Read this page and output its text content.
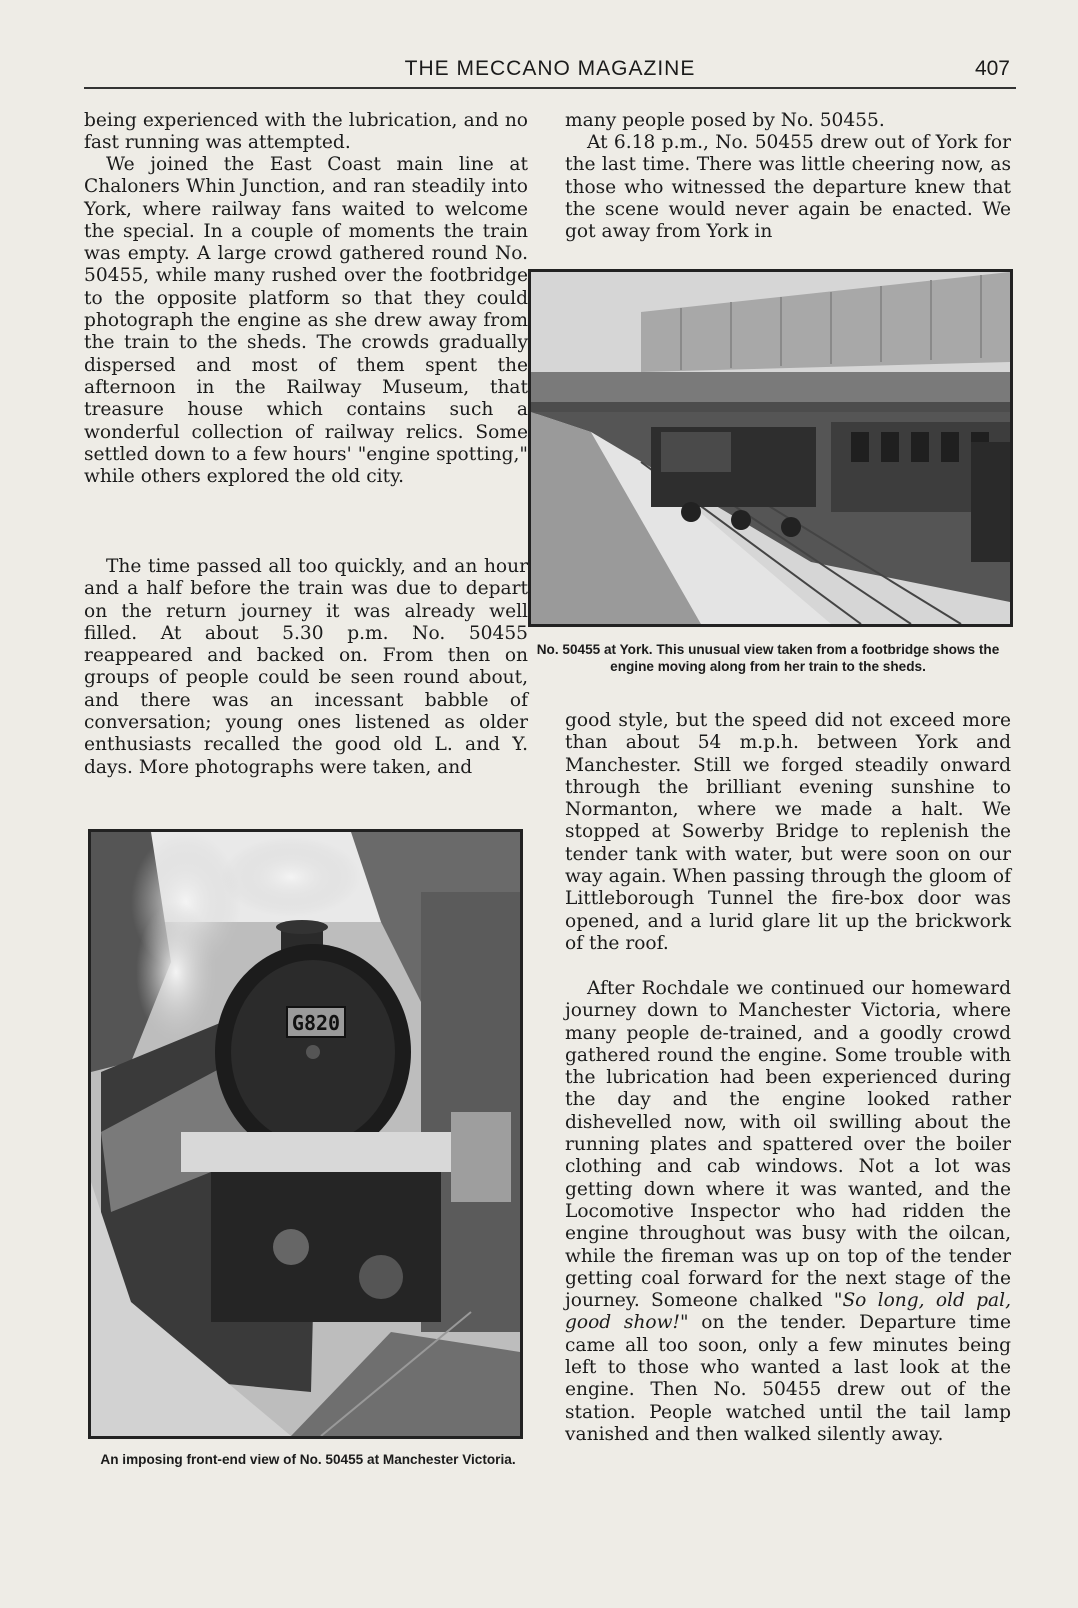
THE MECCANO MAGAZINE	407

being experienced with the lubrication, and no fast running was attempted.

We joined the East Coast main line at Chaloners Whin Junction, and ran steadily into York, where railway fans waited to welcome the special. In a couple of moments the train was empty. A large crowd gathered round No. 50455, while many rushed over the footbridge to the opposite platform so that they could photograph the engine as she drew away from the train to the sheds. The crowds gradually dispersed and most of them spent the afternoon in the Railway Museum, that treasure house which contains such a wonderful collection of railway relics. Some settled down to a few hours' "engine spotting," while others explored the old city.

The time passed all too quickly, and an hour and a half before the train was due to depart on the return journey it was already well filled. At about 5.30 p.m. No. 50455 reappeared and backed on. From then on groups of people could be seen round about, and there was an incessant babble of conversation; young ones listened as older enthusiasts recalled the good old L. and Y. days. More photographs were taken, and

G820

An imposing front-end view of No. 50455 at Manchester Victoria.

many people posed by No. 50455.

At 6.18 p.m., No. 50455 drew out of York for the last time. There was little cheering now, as those who witnessed the departure knew that the scene would never again be enacted. We got away from York in

No. 50455 at York. This unusual view taken from a footbridge shows the engine moving along from her train to the sheds.

good style, but the speed did not exceed more than about 54 m.p.h. between York and Manchester. Still we forged steadily onward through the brilliant evening sunshine to Normanton, where we made a halt. We stopped at Sowerby Bridge to replenish the tender tank with water, but were soon on our way again. When passing through the gloom of Littleborough Tunnel the fire-box door was opened, and a lurid glare lit up the brickwork of the roof.

After Rochdale we continued our homeward journey down to Manchester Victoria, where many people de-trained, and a goodly crowd gathered round the engine. Some trouble with the lubrication had been experienced during the day and the engine looked rather dishevelled now, with oil swilling about the running plates and spattered over the boiler clothing and cab windows. Not a lot was getting down where it was wanted, and the Locomotive Inspector who had ridden the engine throughout was busy with the oilcan, while the fireman was up on top of the tender getting coal forward for the next stage of the journey. Someone chalked "So long, old pal, good show!" on the tender. Departure time came all too soon, only a few minutes being left to those who wanted a last look at the engine. Then No. 50455 drew out of the station. People watched until the tail lamp vanished and then walked silently away.
